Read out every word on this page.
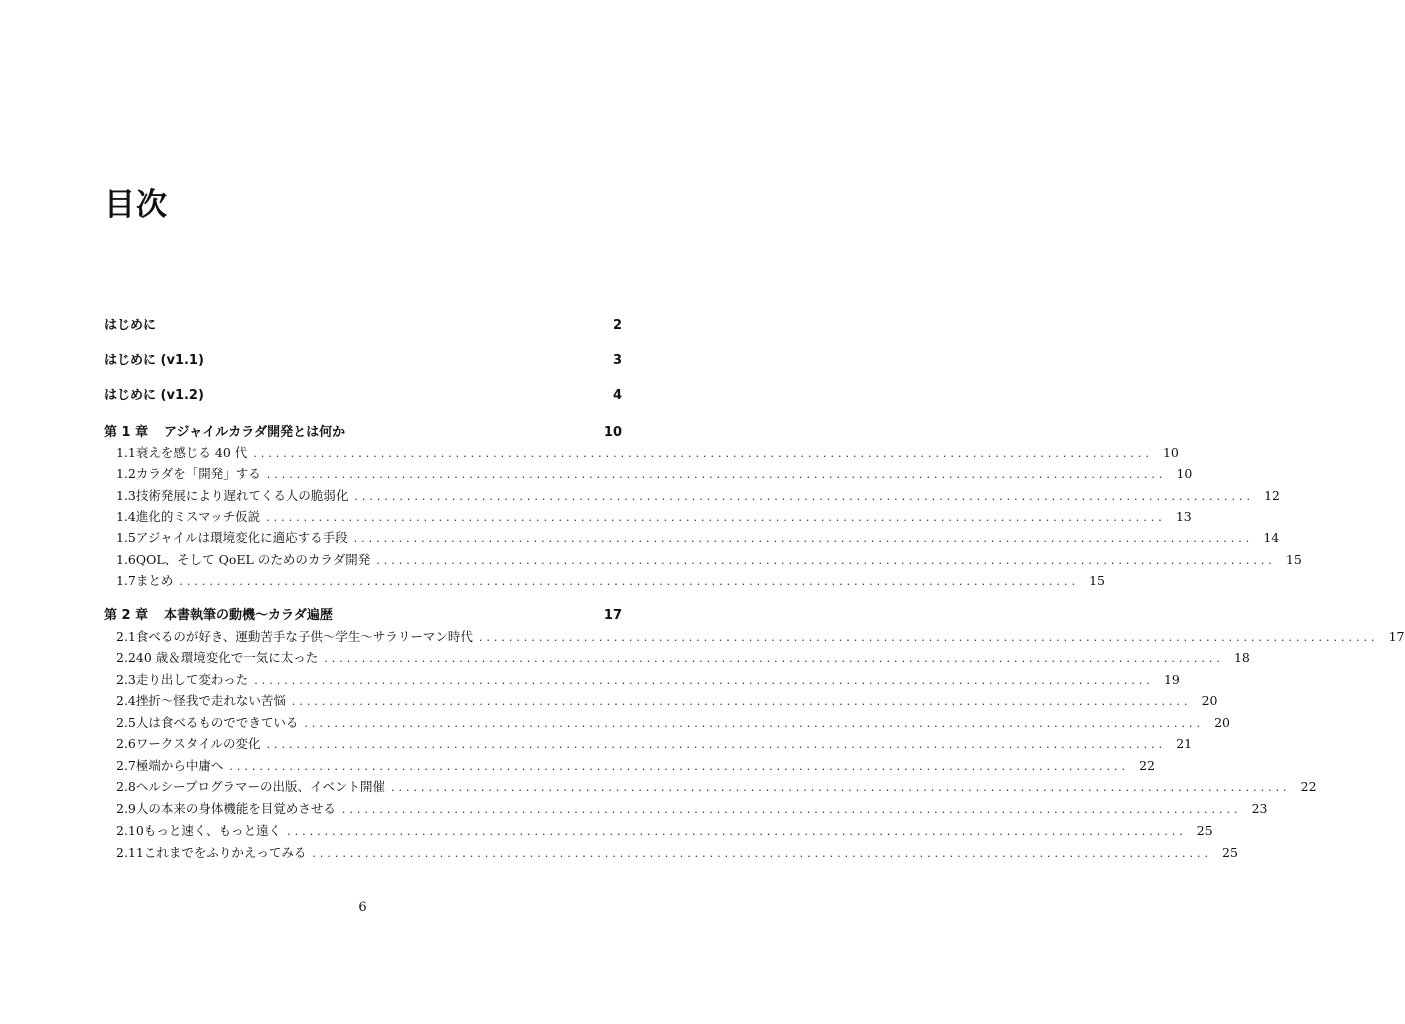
目次
はじめに	2
はじめに (v1.1)	3
はじめに (v1.2)	4
第 1 章	アジャイルカラダ開発とは何か	10
1.1 衰えを感じる 40 代 ........................................................................................................................ 10
1.2 カラダを「開発」する ........................................................................................................................ 10
1.3 技術発展により遅れてくる人の脆弱化 ........................................................................................................................ 12
1.4 進化的ミスマッチ仮説 ........................................................................................................................ 13
1.5 アジャイルは環境変化に適応する手段 ........................................................................................................................ 14
1.6 QOL、そして QoEL のためのカラダ開発 ........................................................................................................................ 15
1.7 まとめ ........................................................................................................................ 15
第 2 章	本書執筆の動機〜カラダ遍歴	17
2.1 食べるのが好き、運動苦手な子供〜学生〜サラリーマン時代 ........................................................................................................................ 17
2.2 40 歳＆環境変化で一気に太った ........................................................................................................................ 18
2.3 走り出して変わった ........................................................................................................................ 19
2.4 挫折〜怪我で走れない苦悩 ........................................................................................................................ 20
2.5 人は食べるものでできている ........................................................................................................................ 20
2.6 ワークスタイルの変化 ........................................................................................................................ 21
2.7 極端から中庸へ ........................................................................................................................ 22
2.8 ヘルシープログラマーの出版、イベント開催 ........................................................................................................................ 22
2.9 人の本来の身体機能を目覚めさせる ........................................................................................................................ 23
2.10 もっと速く、もっと遠く ........................................................................................................................ 25
2.11 これまでをふりかえってみる ........................................................................................................................ 25
6
